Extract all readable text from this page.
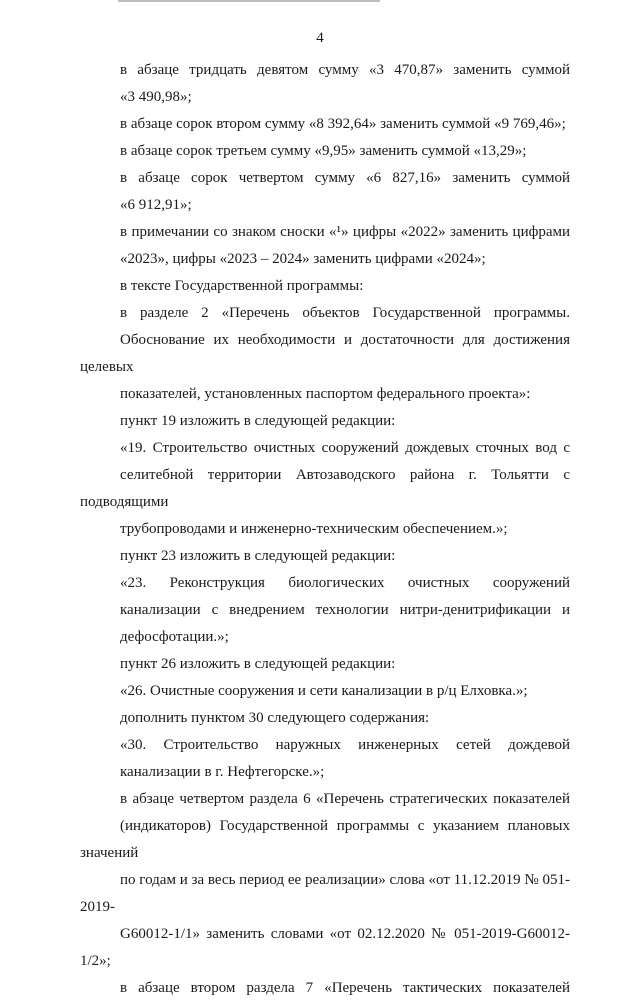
4
в абзаце тридцать девятом сумму «3 470,87» заменить суммой
«3 490,98»;
в абзаце сорок втором сумму «8 392,64» заменить суммой «9 769,46»;
в абзаце сорок третьем сумму «9,95» заменить суммой «13,29»;
в абзаце сорок четвертом сумму «6 827,16» заменить суммой
«6 912,91»;
в примечании со знаком сноски «¹» цифры «2022» заменить цифрами
«2023», цифры «2023 – 2024» заменить цифрами «2024»;
в тексте Государственной программы:
в разделе 2 «Перечень объектов Государственной программы.
Обоснование их необходимости и достаточности для достижения целевых
показателей, установленных паспортом федерального проекта»:
пункт 19 изложить в следующей редакции:
«19. Строительство очистных сооружений дождевых сточных вод с
селитебной территории Автозаводского района г. Тольятти с подводящими
трубопроводами и инженерно-техническим обеспечением.»;
пункт 23 изложить в следующей редакции:
«23. Реконструкция биологических очистных сооружений
канализации с внедрением технологии нитри-денитрификации и
дефосфотации.»;
пункт 26 изложить в следующей редакции:
«26. Очистные сооружения и сети канализации в р/ц Елховка.»;
дополнить пунктом 30 следующего содержания:
«30. Строительство наружных инженерных сетей дождевой
канализации в г. Нефтегорске.»;
в абзаце четвертом раздела 6 «Перечень стратегических показателей
(индикаторов) Государственной программы с указанием плановых значений
по годам и за весь период ее реализации» слова «от 11.12.2019 № 051-2019-
G60012-1/1» заменить словами «от 02.12.2020 № 051-2019-G60012-1/2»;
в абзаце втором раздела 7 «Перечень тактических показателей
